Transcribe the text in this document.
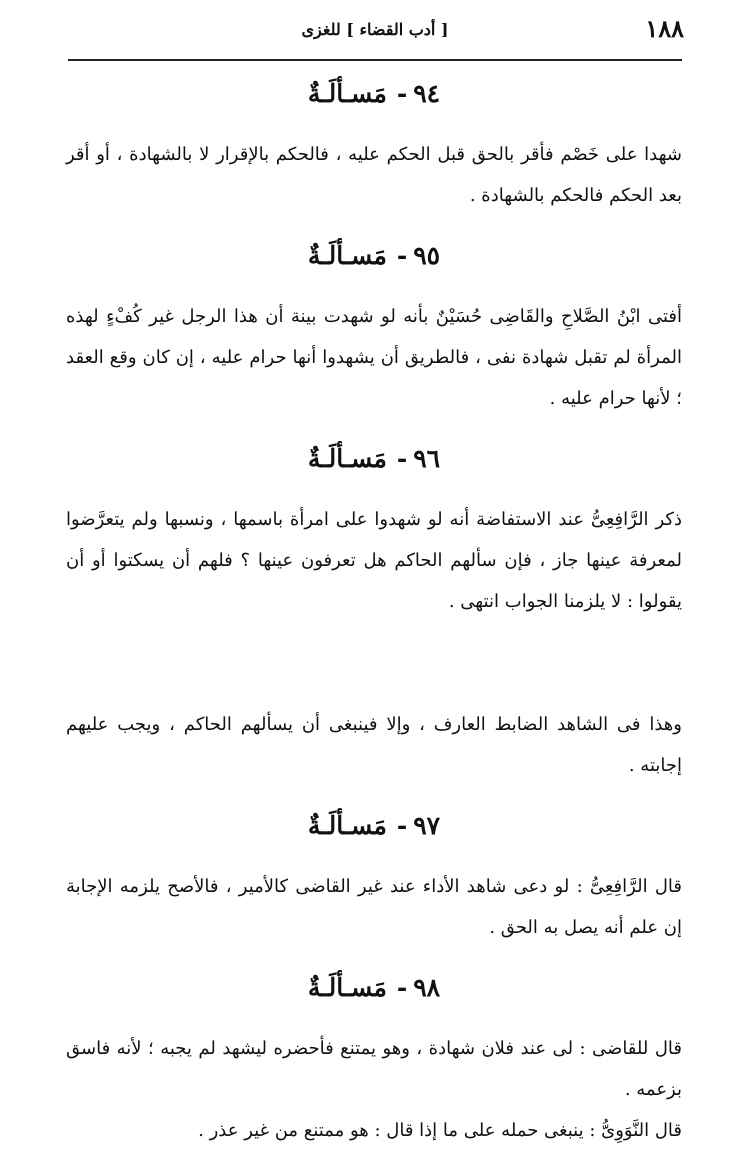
١٨٨
[ أدب القضاء ] للغزى
٩٤-مَسـألَـةٌ

شهدا على خَصْم فأقر بالحق قبل الحكم عليه ، فالحكم بالإقرار لا بالشهادة ، أو أقر بعد الحكم فالحكم بالشهادة .

٩٥-مَسـألَـةٌ

أفتى ابْنُ الصَّلاحِ والقَاضِى حُسَيْنٌ بأنه لو شهدت بينة أن هذا الرجل غير كُفْءٍ لهذه المرأة لم تقبل شهادة نفى ، فالطريق أن يشهدوا أنها حرام عليه ، إن كان وقع العقد ؛ لأنها حرام عليه .

٩٦-مَسـألَـةٌ

ذكر الرَّافِعِىُّ عند الاستفاضة أنه لو شهدوا على امرأة باسمها ، ونسبها ولم يتعرَّضوا لمعرفة عينها جاز ، فإن سألهم الحاكم هل تعرفون عينها ؟ فلهم أن يسكتوا أو أن يقولوا : لا يلزمنا الجواب انتهى .

وهذا فى الشاهد الضابط العارف ، وإلا فينبغى أن يسألهم الحاكم ، ويجب عليهم إجابته .

٩٧-مَسـألَـةٌ

قال الرَّافِعِىُّ : لو دعى شاهد الأداء عند غير القاضى كالأمير ، فالأصح يلزمه الإجابة إن علم أنه يصل به الحق .

٩٨-مَسـألَـةٌ

قال للقاضى : لى عند فلان شهادة ، وهو يمتنع فأحضره ليشهد لم يجبه ؛ لأنه فاسق بزعمه .

قال النَّوَوِىُّ : ينبغى حمله على ما إذا قال : هو ممتنع من غير عذر .
